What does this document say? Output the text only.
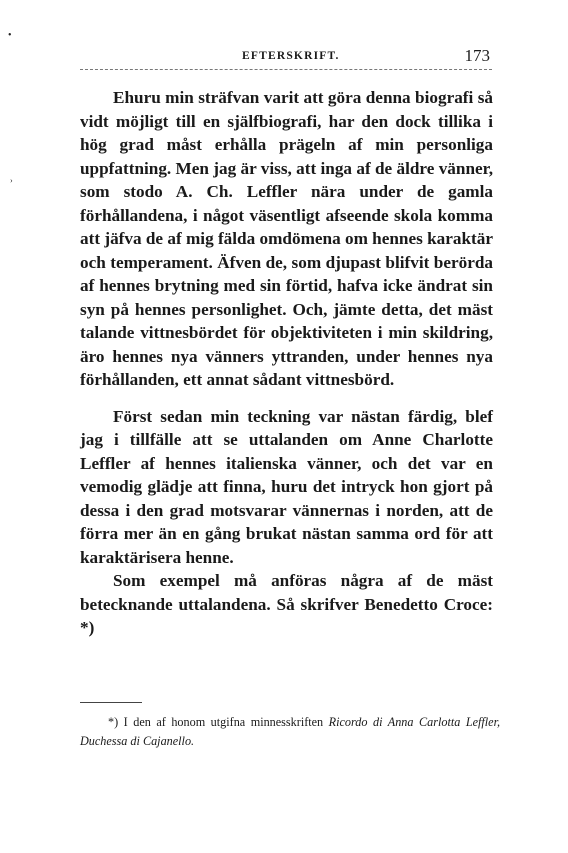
•
›
EFTERSKRIFT.	173

Ehuru min sträfvan varit att göra denna biografi så vidt möjligt till en själfbiografi, har den dock tillika i hög grad måst erhålla prägeln af min personliga uppfattning. Men jag är viss, att inga af de äldre vänner, som stodo A. Ch. Leffler nära under de gamla förhållandena, i något väsentligt afseende skola komma att jäfva de af mig fälda omdömena om hennes karaktär och temperament. Äfven de, som djupast blifvit berörda af hennes brytning med sin förtid, hafva icke ändrat sin syn på hennes personlighet. Och, jämte detta, det mäst talande vittnesbördet för objektiviteten i min skildring, äro hennes nya vänners yttranden, under hennes nya förhållanden, ett annat sådant vittnesbörd.

Först sedan min teckning var nästan färdig, blef jag i tillfälle att se uttalanden om Anne Charlotte Leffler af hennes italienska vänner, och det var en vemodig glädje att finna, huru det intryck hon gjort på dessa i den grad motsvarar vännernas i norden, att de förra mer än en gång brukat nästan samma ord för att karaktärisera henne.

Som exempel må anföras några af de mäst betecknande uttalandena. Så skrifver Benedetto Croce: *)

*) I den af honom utgifna minnesskriften Ricordo di Anna Carlotta Leffler, Duchessa di Cajanello.
